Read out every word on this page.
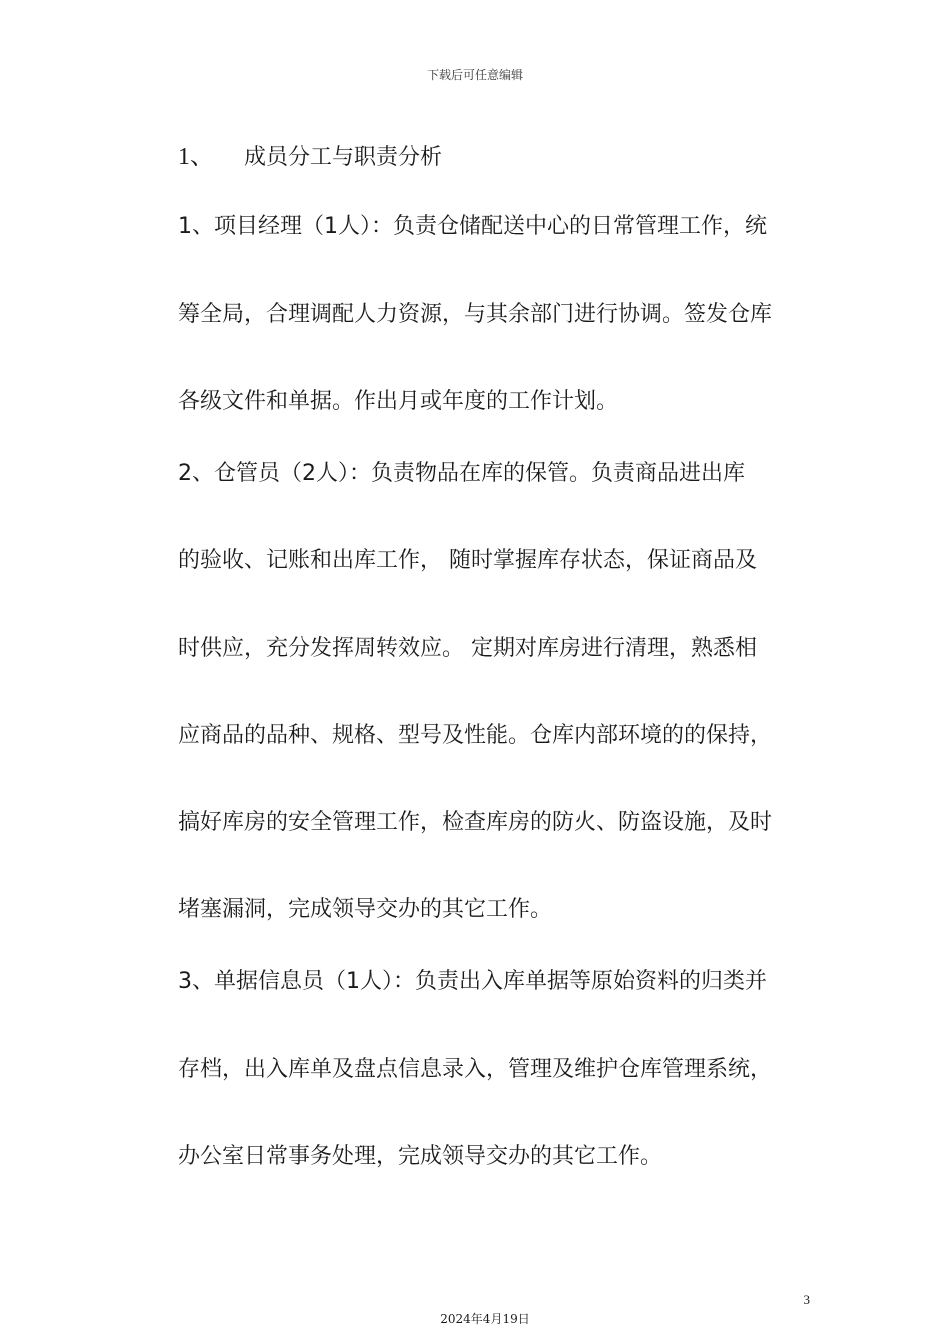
下载后可任意编辑
1、 成员分工与职责分析
1、项目经理（1人）：负责仓储配送中心的日常管理工作，统
筹全局，合理调配人力资源，与其余部门进行协调。签发仓库
各级文件和单据。作出月或年度的工作计划。
2、仓管员（2人）：负责物品在库的保管。负责商品进出库
的验收、记账和出库工作， 随时掌握库存状态，保证商品及
时供应，充分发挥周转效应。 定期对库房进行清理，熟悉相
应商品的品种、规格、型号及性能。仓库内部环境的的保持，
搞好库房的安全管理工作，检查库房的防火、防盗设施，及时
堵塞漏洞，完成领导交办的其它工作。
3、单据信息员（1人）：负责出入库单据等原始资料的归类并
存档，出入库单及盘点信息录入，管理及维护仓库管理系统，
办公室日常事务处理，完成领导交办的其它工作。
3
2024年4月19日
